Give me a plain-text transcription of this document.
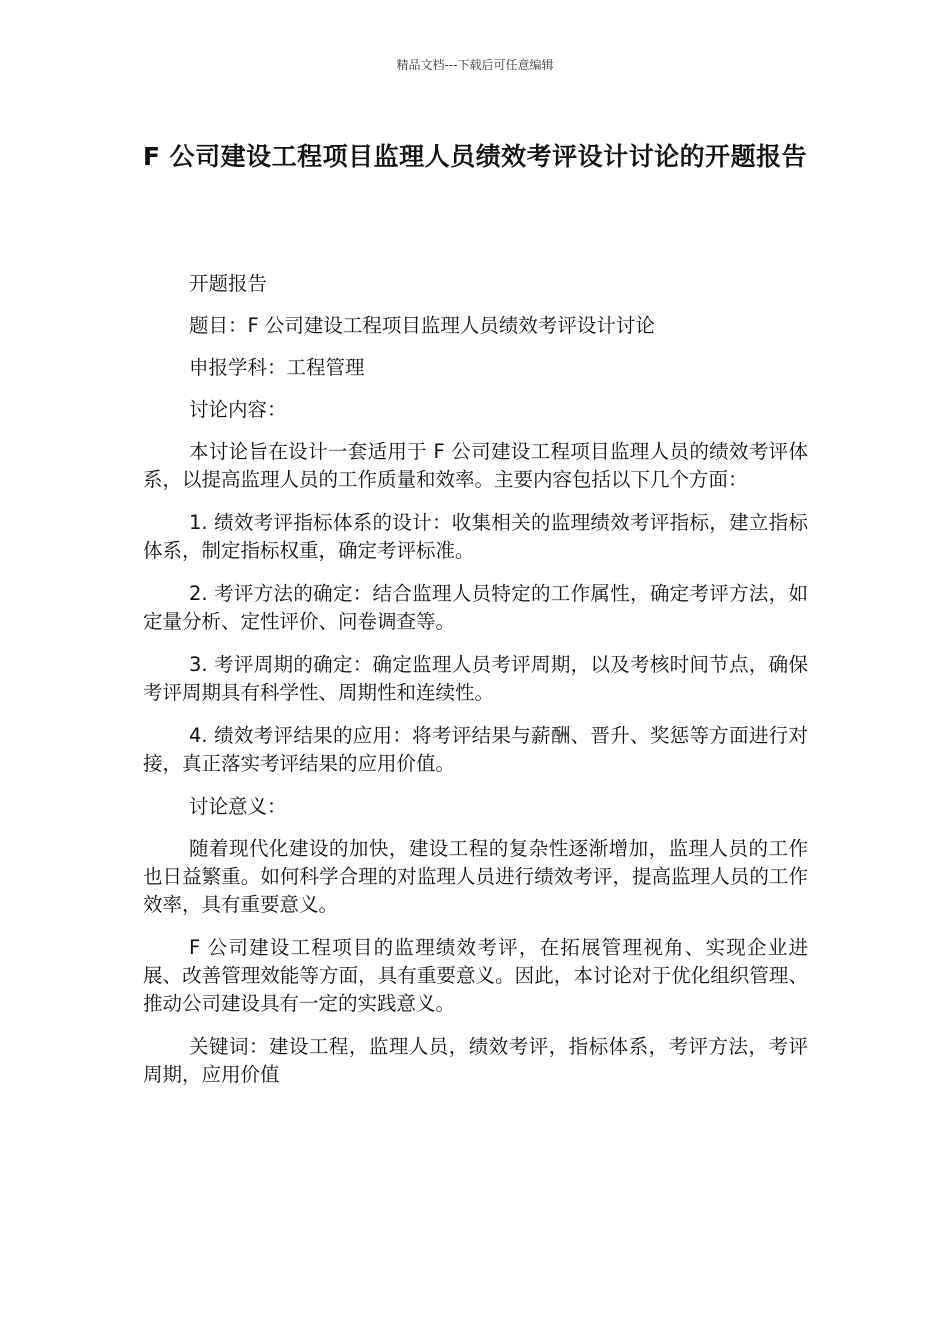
精品文档---下载后可任意编辑
F 公司建设工程项目监理人员绩效考评设计讨论的开题报告

开题报告

题目：F 公司建设工程项目监理人员绩效考评设计讨论

申报学科：工程管理

讨论内容：

本讨论旨在设计一套适用于 F 公司建设工程项目监理人员的绩效考评体系，以提高监理人员的工作质量和效率。主要内容包括以下几个方面：

1. 绩效考评指标体系的设计：收集相关的监理绩效考评指标，建立指标体系，制定指标权重，确定考评标准。

2. 考评方法的确定：结合监理人员特定的工作属性，确定考评方法，如定量分析、定性评价、问卷调查等。

3. 考评周期的确定：确定监理人员考评周期，以及考核时间节点，确保考评周期具有科学性、周期性和连续性。

4. 绩效考评结果的应用：将考评结果与薪酬、晋升、奖惩等方面进行对接，真正落实考评结果的应用价值。

讨论意义：

随着现代化建设的加快，建设工程的复杂性逐渐增加，监理人员的工作也日益繁重。如何科学合理的对监理人员进行绩效考评，提高监理人员的工作效率，具有重要意义。

F 公司建设工程项目的监理绩效考评，在拓展管理视角、实现企业进展、改善管理效能等方面，具有重要意义。因此，本讨论对于优化组织管理、推动公司建设具有一定的实践意义。

关键词：建设工程，监理人员，绩效考评，指标体系，考评方法，考评周期，应用价值
